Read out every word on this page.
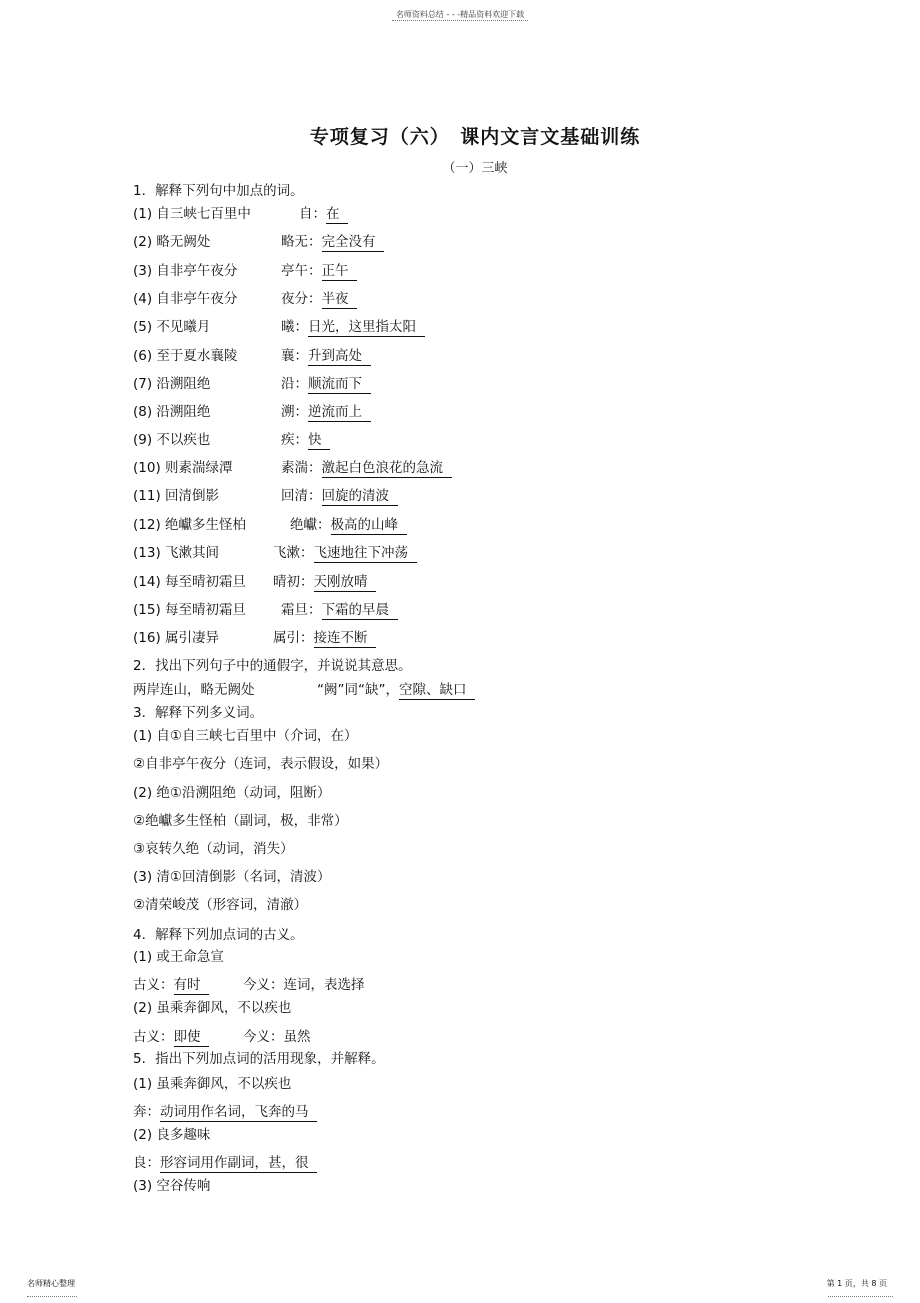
名师资料总结 - - -精品资料欢迎下载
专项复习（六）　课内文言文基础训练
（一）三峡
1．解释下列句中加点的词。
(1) 自三峡七百里中	自：在
(2) 略无阙处	略无：完全没有
(3) 自非亭午夜分	亭午：正午
(4) 自非亭午夜分	夜分：半夜
(5) 不见曦月	曦：日光，这里指太阳
(6) 至于夏水襄陵	襄：升到高处
(7) 沿溯阻绝	沿：顺流而下
(8) 沿溯阻绝	溯：逆流而上
(9) 不以疾也	疾：快
(10) 则素湍绿潭	素湍：激起白色浪花的急流
(11) 回清倒影	回清：回旋的清波
(12) 绝巘多生怪柏	绝巘：极高的山峰
(13) 飞漱其间	飞漱：飞速地往下冲荡
(14) 每至晴初霜旦 晴初：天刚放晴
(15) 每至晴初霜旦	霜旦：下霜的早晨
(16) 属引凄异	属引：接连不断
2．找出下列句子中的通假字，并说说其意思。
两岸连山，略无阙处	“阙”同“缺”，空隙、缺口
3．解释下列多义词。
(1) 自①自三峡七百里中（介词，在）
②自非亭午夜分（连词，表示假设，如果）
(2) 绝①沿溯阻绝（动词，阻断）
②绝巘多生怪柏（副词，极，非常）
③哀转久绝（动词，消失）
(3) 清①回清倒影（名词，清波）
②清荣峻茂（形容词，清澈）
4．解释下列加点词的古义。
(1) 或王命急宣
古义：有时	今义：连词，表选择
(2) 虽乘奔御风，不以疾也
古义：即使	今义：虽然
5．指出下列加点词的活用现象，并解释。
(1) 虽乘奔御风，不以疾也
奔：动词用作名词，飞奔的马
(2) 良多趣味
良：形容词用作副词，甚，很
(3) 空谷传响
名师精心整理	第 1 页，共 8 页
